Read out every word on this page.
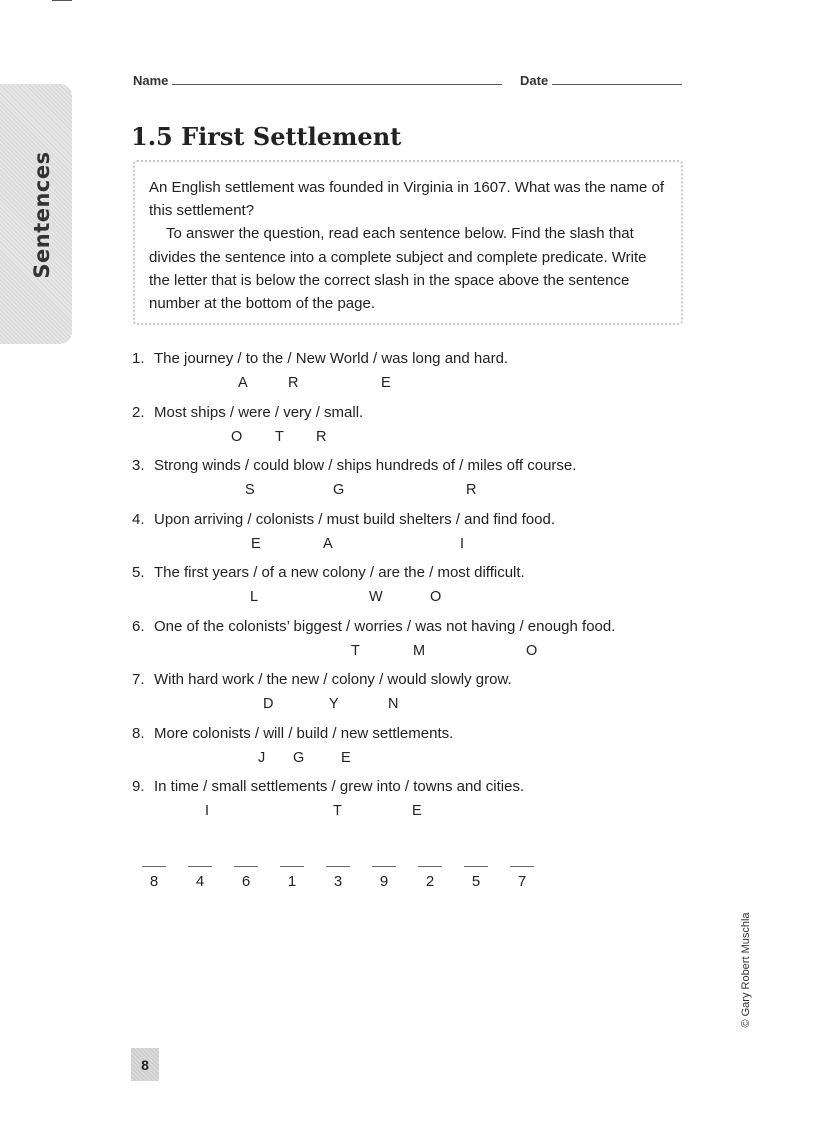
Sentences
Name	Date
1.5 First Settlement

An English settlement was founded in Virginia in 1607. What was the name of this settlement?

To answer the question, read each sentence below. Find the slash that divides the sentence into a complete subject and complete predicate. Write the letter that is below the correct slash in the space above the sentence number at the bottom of the page.

1. The journey / to the / New World / was long and hard.
A	R	E
2. Most ships / were / very / small.
O T R
3. Strong winds / could blow / ships hundreds of / miles off course.
S	G	R
4. Upon arriving / colonists / must build shelters / and find food.
E	A	I
5. The first years / of a new colony / are the / most difficult.
L	W	O
6. One of the colonists’ biggest / worries / was not having / enough food.
T	M	O
7. With hard work / the new / colony / would slowly grow.
D	Y	N
8. More colonists / will / build / new settlements.
J G	E
9. In time / small settlements / grew into / towns and cities.
I	T	E
8	4	6	1	3	9	2	5	7
© Gary Robert Muschla
8
